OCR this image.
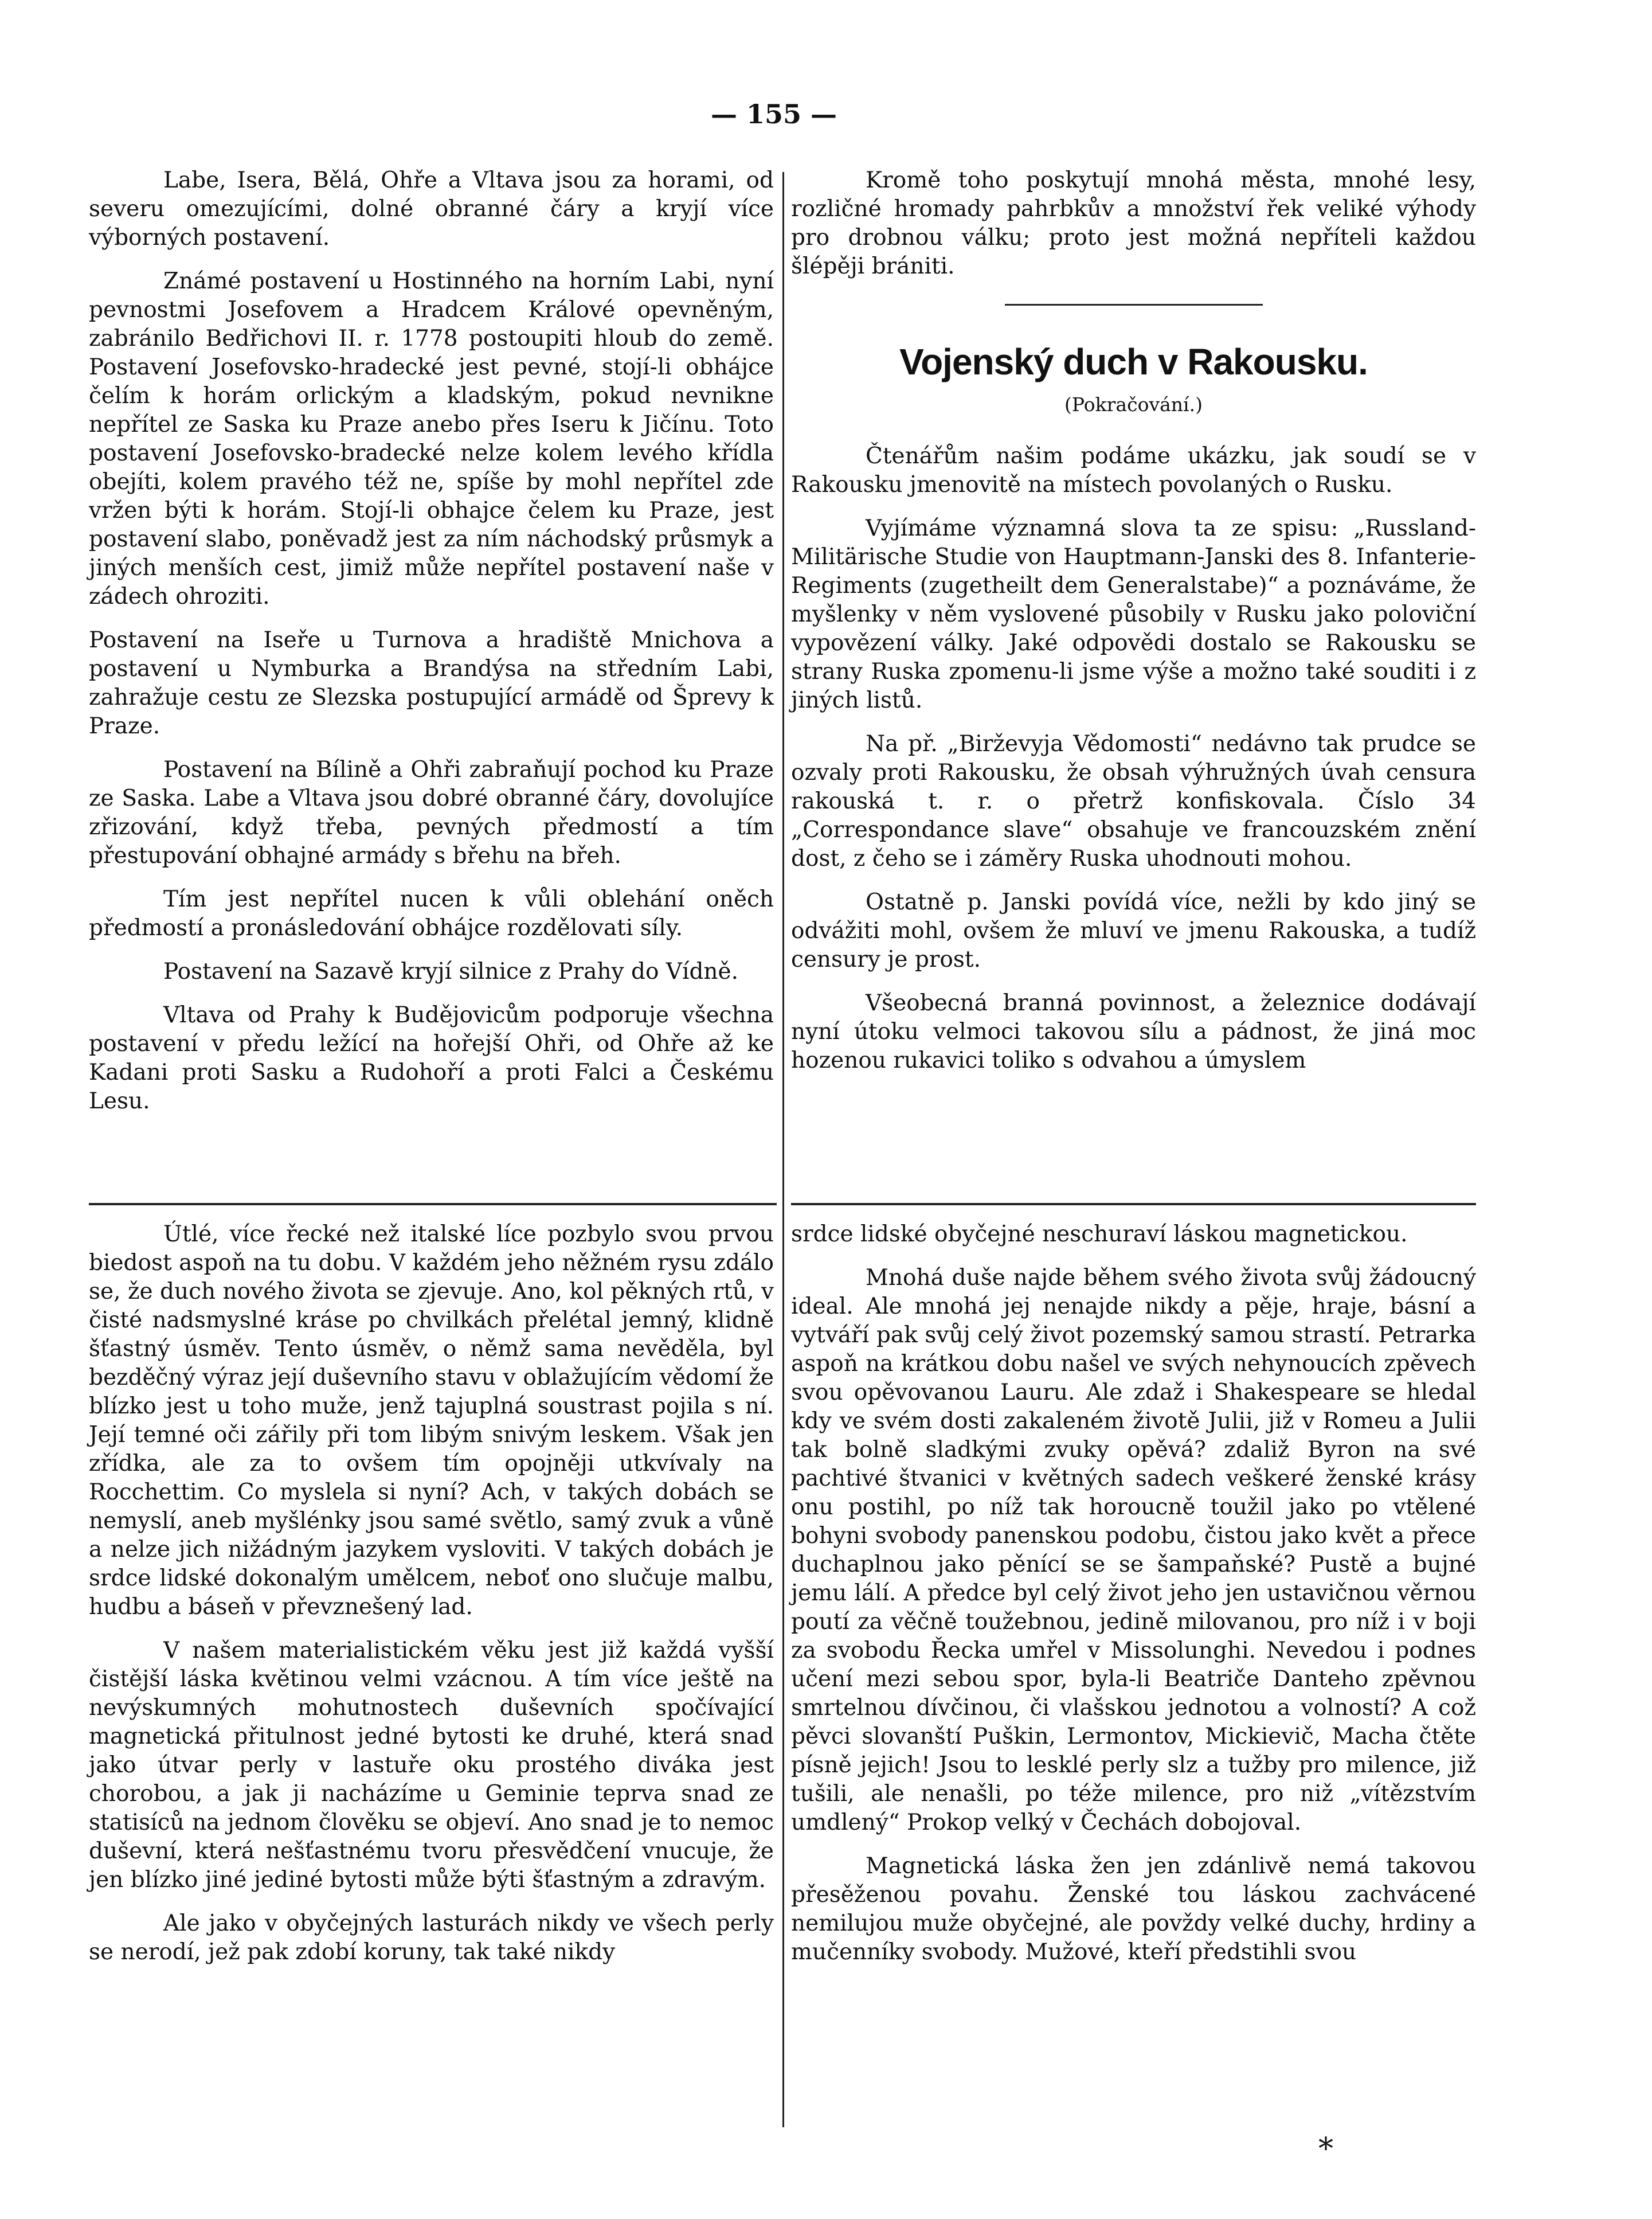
— 155 —

Labe, Isera, Bělá, Ohře a Vltava jsou za horami, od severu omezujícími, dolné obranné čáry a kryjí více výborných postavení.

Známé postavení u Hostinného na horním Labi, nyní pevnostmi Josefovem a Hradcem Králové opevněným, zabránilo Bedřichovi II. r. 1778 postoupiti hloub do země. Postavení Josefovsko-hradecké jest pevné, stojí-li obhájce čelím k horám orlickým a kladským, pokud nevnikne nepřítel ze Saska ku Praze anebo přes Iseru k Jičínu. Toto postavení Josefovsko-bradecké nelze kolem levého křídla obejíti, kolem pravého též ne, spíše by mohl nepřítel zde vržen býti k horám. Stojí-li obhajce čelem ku Praze, jest postavení slabo, poněvadž jest za ním náchodský průsmyk a jiných menších cest, jimiž může nepřítel postavení naše v zádech ohroziti.

Postavení na Iseře u Turnova a hradiště Mnichova a postavení u Nymburka a Brandýsa na středním Labi, zahražuje cestu ze Slezska postupující armádě od Šprevy k Praze.

Postavení na Bílině a Ohři zabraňují pochod ku Praze ze Saska. Labe a Vltava jsou dobré obranné čáry, dovolujíce zřizování, když třeba, pevných předmostí a tím přestupování obhajné armády s břehu na břeh.

Tím jest nepřítel nucen k vůli oblehání oněch předmostí a pronásledování obhájce rozdělovati síly.

Postavení na Sazavě kryjí silnice z Prahy do Vídně.

Vltava od Prahy k Budějovicům podporuje všechna postavení v předu ležící na hořejší Ohři, od Ohře až ke Kadani proti Sasku a Rudohoří a proti Falci a Českému Lesu.

Kromě toho poskytují mnohá města, mnohé lesy, rozličné hromady pahrbkův a množství řek veliké výhody pro drobnou válku; proto jest možná nepříteli každou šlépěji brániti.

Vojenský duch v Rakousku.
(Pokračování.)

Čtenářům našim podáme ukázku, jak soudí se v Rakousku jmenovitě na místech povolaných o Rusku.

Vyjímáme významná slova ta ze spisu: „Russland-Militärische Studie von Hauptmann-Janski des 8. Infanterie-Regiments (zugetheilt dem Generalstabe)“ a poznáváme, že myšlenky v něm vyslovené působily v Rusku jako poloviční vypovězení války. Jaké odpovědi dostalo se Rakousku se strany Ruska zpomenu-li jsme výše a možno také souditi i z jiných listů.

Na př. „Birževyja Vědomosti“ nedávno tak prudce se ozvaly proti Rakousku, že obsah výhružných úvah censura rakouská t. r. o přetrž konfiskovala. Číslo 34 „Correspondance slave“ obsahuje ve francouzském znění dost, z čeho se i záměry Ruska uhodnouti mohou.

Ostatně p. Janski povídá více, nežli by kdo jiný se odvážiti mohl, ovšem že mluví ve jmenu Rakouska, a tudíž censury je prost.

Všeobecná branná povinnost, a železnice dodávají nyní útoku velmoci takovou sílu a pádnost, že jiná moc hozenou rukavici toliko s odvahou a úmyslem

Útlé, více řecké než italské líce pozbylo svou prvou biedost aspoň na tu dobu. V každém jeho něžném rysu zdálo se, že duch nového života se zjevuje. Ano, kol pěkných rtů, v čisté nadsmyslné kráse po chvilkách přelétal jemný, klidně šťastný úsměv. Tento úsměv, o němž sama nevěděla, byl bezděčný výraz její duševního stavu v oblažujícím vědomí že blízko jest u toho muže, jenž tajuplná soustrast pojila s ní. Její temné oči zářily při tom libým snivým leskem. Však jen zřídka, ale za to ovšem tím opojněji utkvívaly na Rocchettim. Co myslela si nyní? Ach, v takých dobách se nemyslí, aneb myšlénky jsou samé světlo, samý zvuk a vůně a nelze jich nižádným jazykem vysloviti. V takých dobách je srdce lidské dokonalým umělcem, neboť ono slučuje malbu, hudbu a báseň v převznešený lad.

V našem materialistickém věku jest již každá vyšší čistější láska květinou velmi vzácnou. A tím více ještě na nevýskumných mohutnostech duševních spočívající magnetická přitulnost jedné bytosti ke druhé, která snad jako útvar perly v lastuře oku prostého diváka jest chorobou, a jak ji nacházíme u Geminie teprva snad ze statisíců na jednom člověku se objeví. Ano snad je to nemoc duševní, která nešťastnému tvoru přesvědčení vnucuje, že jen blízko jiné jediné bytosti může býti šťastným a zdravým.

Ale jako v obyčejných lasturách nikdy ve všech perly se nerodí, jež pak zdobí koruny, tak také nikdy

srdce lidské obyčejné neschuraví láskou magnetickou.

Mnohá duše najde během svého života svůj žádoucný ideal. Ale mnohá jej nenajde nikdy a pěje, hraje, básní a vytváří pak svůj celý život pozemský samou strastí. Petrarka aspoň na krátkou dobu našel ve svých nehynoucích zpěvech svou opěvovanou Lauru. Ale zdaž i Shakespeare se hledal kdy ve svém dosti zakaleném životě Julii, již v Romeu a Julii tak bolně sladkými zvuky opěvá? zdaliž Byron na své pachtivé štvanici v květných sadech veškeré ženské krásy onu postihl, po níž tak horoucně toužil jako po vtělené bohyni svobody panenskou podobu, čistou jako květ a přece duchaplnou jako pěnící se se šampaňské? Pustě a bujné jemu lálí. A předce byl celý život jeho jen ustavičnou věrnou poutí za věčně toužebnou, jedině milovanou, pro níž i v boji za svobodu Řecka umřel v Missolunghi. Nevedou i podnes učení mezi sebou spor, byla-li Beatriče Danteho zpěvnou smrtelnou dívčinou, či vlašskou jednotou a volností? A což pěvci slovanští Puškin, Lermontov, Mickievič, Macha čtěte písně jejich! Jsou to lesklé perly slz a tužby pro milence, již tušili, ale nenašli, po téže milence, pro niž „vítězstvím umdlený“ Prokop velký v Čechách dobojoval.

Magnetická láska žen jen zdánlivě nemá takovou přesěženou povahu. Ženské tou láskou zachvácené nemilujou muže obyčejné, ale povždy velké duchy, hrdiny a mučenníky svobody. Mužové, kteří předstihli svou

*
